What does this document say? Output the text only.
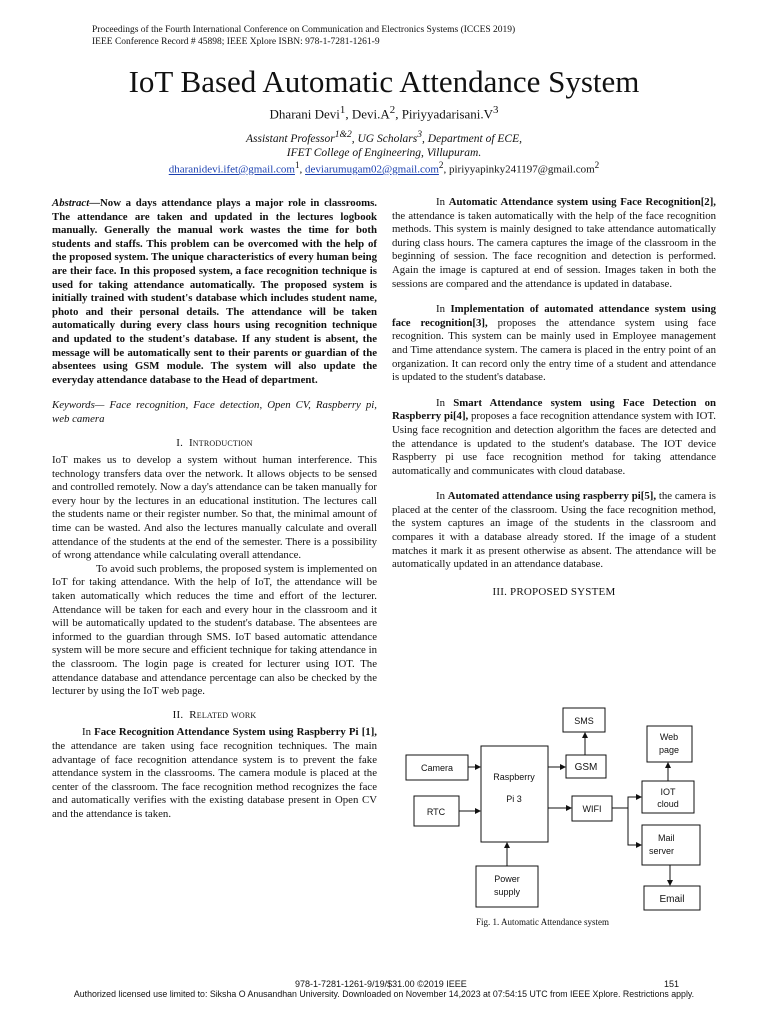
Proceedings of the Fourth International Conference on Communication and Electronics Systems (ICCES 2019)
IEEE Conference Record # 45898; IEEE Xplore ISBN: 978-1-7281-1261-9
IoT Based Automatic Attendance System
Dharani Devi$^1$, $Devi.A^2$, $Piriyyadarisani.V^3$
Assistant Professor$^{1\&2}$, UG Scholars$^3$, Department of ECE,
IFET College of Engineering, Villupuram.
dharanidevi.ifet@gmail.com$^1$, deviarumugam02@gmail.com$^2$, piriyyapinky241197@gmail.com$^2$

Abstract—Now a days attendance plays a major role in classrooms. The attendance are taken and updated in the lectures logbook manually. Generally the manual work wastes the time for both students and staffs. This problem can be overcomed with the help of the proposed system. The unique characteristics of every human being are their face. In this proposed system, a face recognition technique is used for taking attendance automatically. The proposed system is initially trained with student's database which includes student name, photo and their personal details. The attendance will be taken automatically during every class hours using recognition technique and updated to the student's database. If any student is absent, the message will be automatically sent to their parents or guardian of the absentees using GSM module. The system will also update the everyday attendance database to the Head of department.

Keywords— Face recognition, Face detection, Open CV, Raspberry pi, web camera

I. Introduction

IoT makes us to develop a system without human interference. This technology transfers data over the network. It allows objects to be sensed and controlled remotely. Now a day's attendance can be taken manually for every hour by the lectures in an educational institution. The lectures call the students name or their register number. So that, the minimal amount of time can be wasted. And also the lectures manually calculate and overall attendance of the students at the end of the semester. There is a possibility of wrong attendance while calculating overall attendance.

To avoid such problems, the proposed system is implemented on IoT for taking attendance. With the help of IoT, the attendance will be taken automatically which reduces the time and effort of the lecturer. Attendance will be taken for each and every hour in the classroom and it will be automatically updated to the student's database. The absentees are informed to the guardian through SMS. IoT based automatic attendance system will be more secure and efficient technique for taking attendance in the classroom. The login page is created for lecturer using IOT. The attendance database and attendance percentage can also be checked by the lecturer by using the IoT web page.

II. Related work

In Face Recognition Attendance System using Raspberry Pi [1], the attendance are taken using face recognition techniques. The main advantage of face recognition attendance system is to prevent the fake attendance system in the classrooms. The camera module is placed at the center of the classroom. The face recognition method recognizes the face and automatically verifies with the existing database present in Open CV and the attendance is taken.

In Automatic Attendance system using Face Recognition[2], the attendance is taken automatically with the help of the face recognition methods. This system is mainly designed to take attendance automatically during class hours. The camera captures the image of the classroom in the beginning of session. The face recognition and detection is performed. Again the image is captured at end of session. Images taken in both the sessions are compared and the attendance is updated in database.

In Implementation of automated attendance system using face recognition[3], proposes the attendance system using face recognition. This system can be mainly used in Employee management and Time attendance system. The camera is placed in the entry point of an organization. It can record only the entry time of a student and attendance is updated to the student's database.

In Smart Attendance system using Face Detection on Raspberry pi[4], proposes a face recognition attendance system with IOT. Using face recognition and detection algorithm the faces are detected and the attendance is updated to the student's database. The IOT device Raspberry pi use face recognition method for taking attendance automatically and communicates with cloud database.

In Automated attendance using raspberry pi[5], the camera is placed at the center of the classroom. Using the face recognition method, the system captures an image of the students in the classroom and compares it with a database already stored. If the image of a student matches it mark it as present otherwise as absent. The attendance will be automatically updated in an attendance database.

III. PROPOSED SYSTEM
SMS
Web
page
Camera
Raspberry
Pi 3
GSM
IOT
cloud
RTC	WIFI
Mail
server
Power
supply
Email
Fig. 1. Automatic Attendance system
978-1-7281-1261-9/19/$31.00 ©2019 IEEE	151
Authorized licensed use limited to: Siksha O Anusandhan University. Downloaded on November 14,2023 at 07:54:15 UTC from IEEE Xplore. Restrictions apply.
